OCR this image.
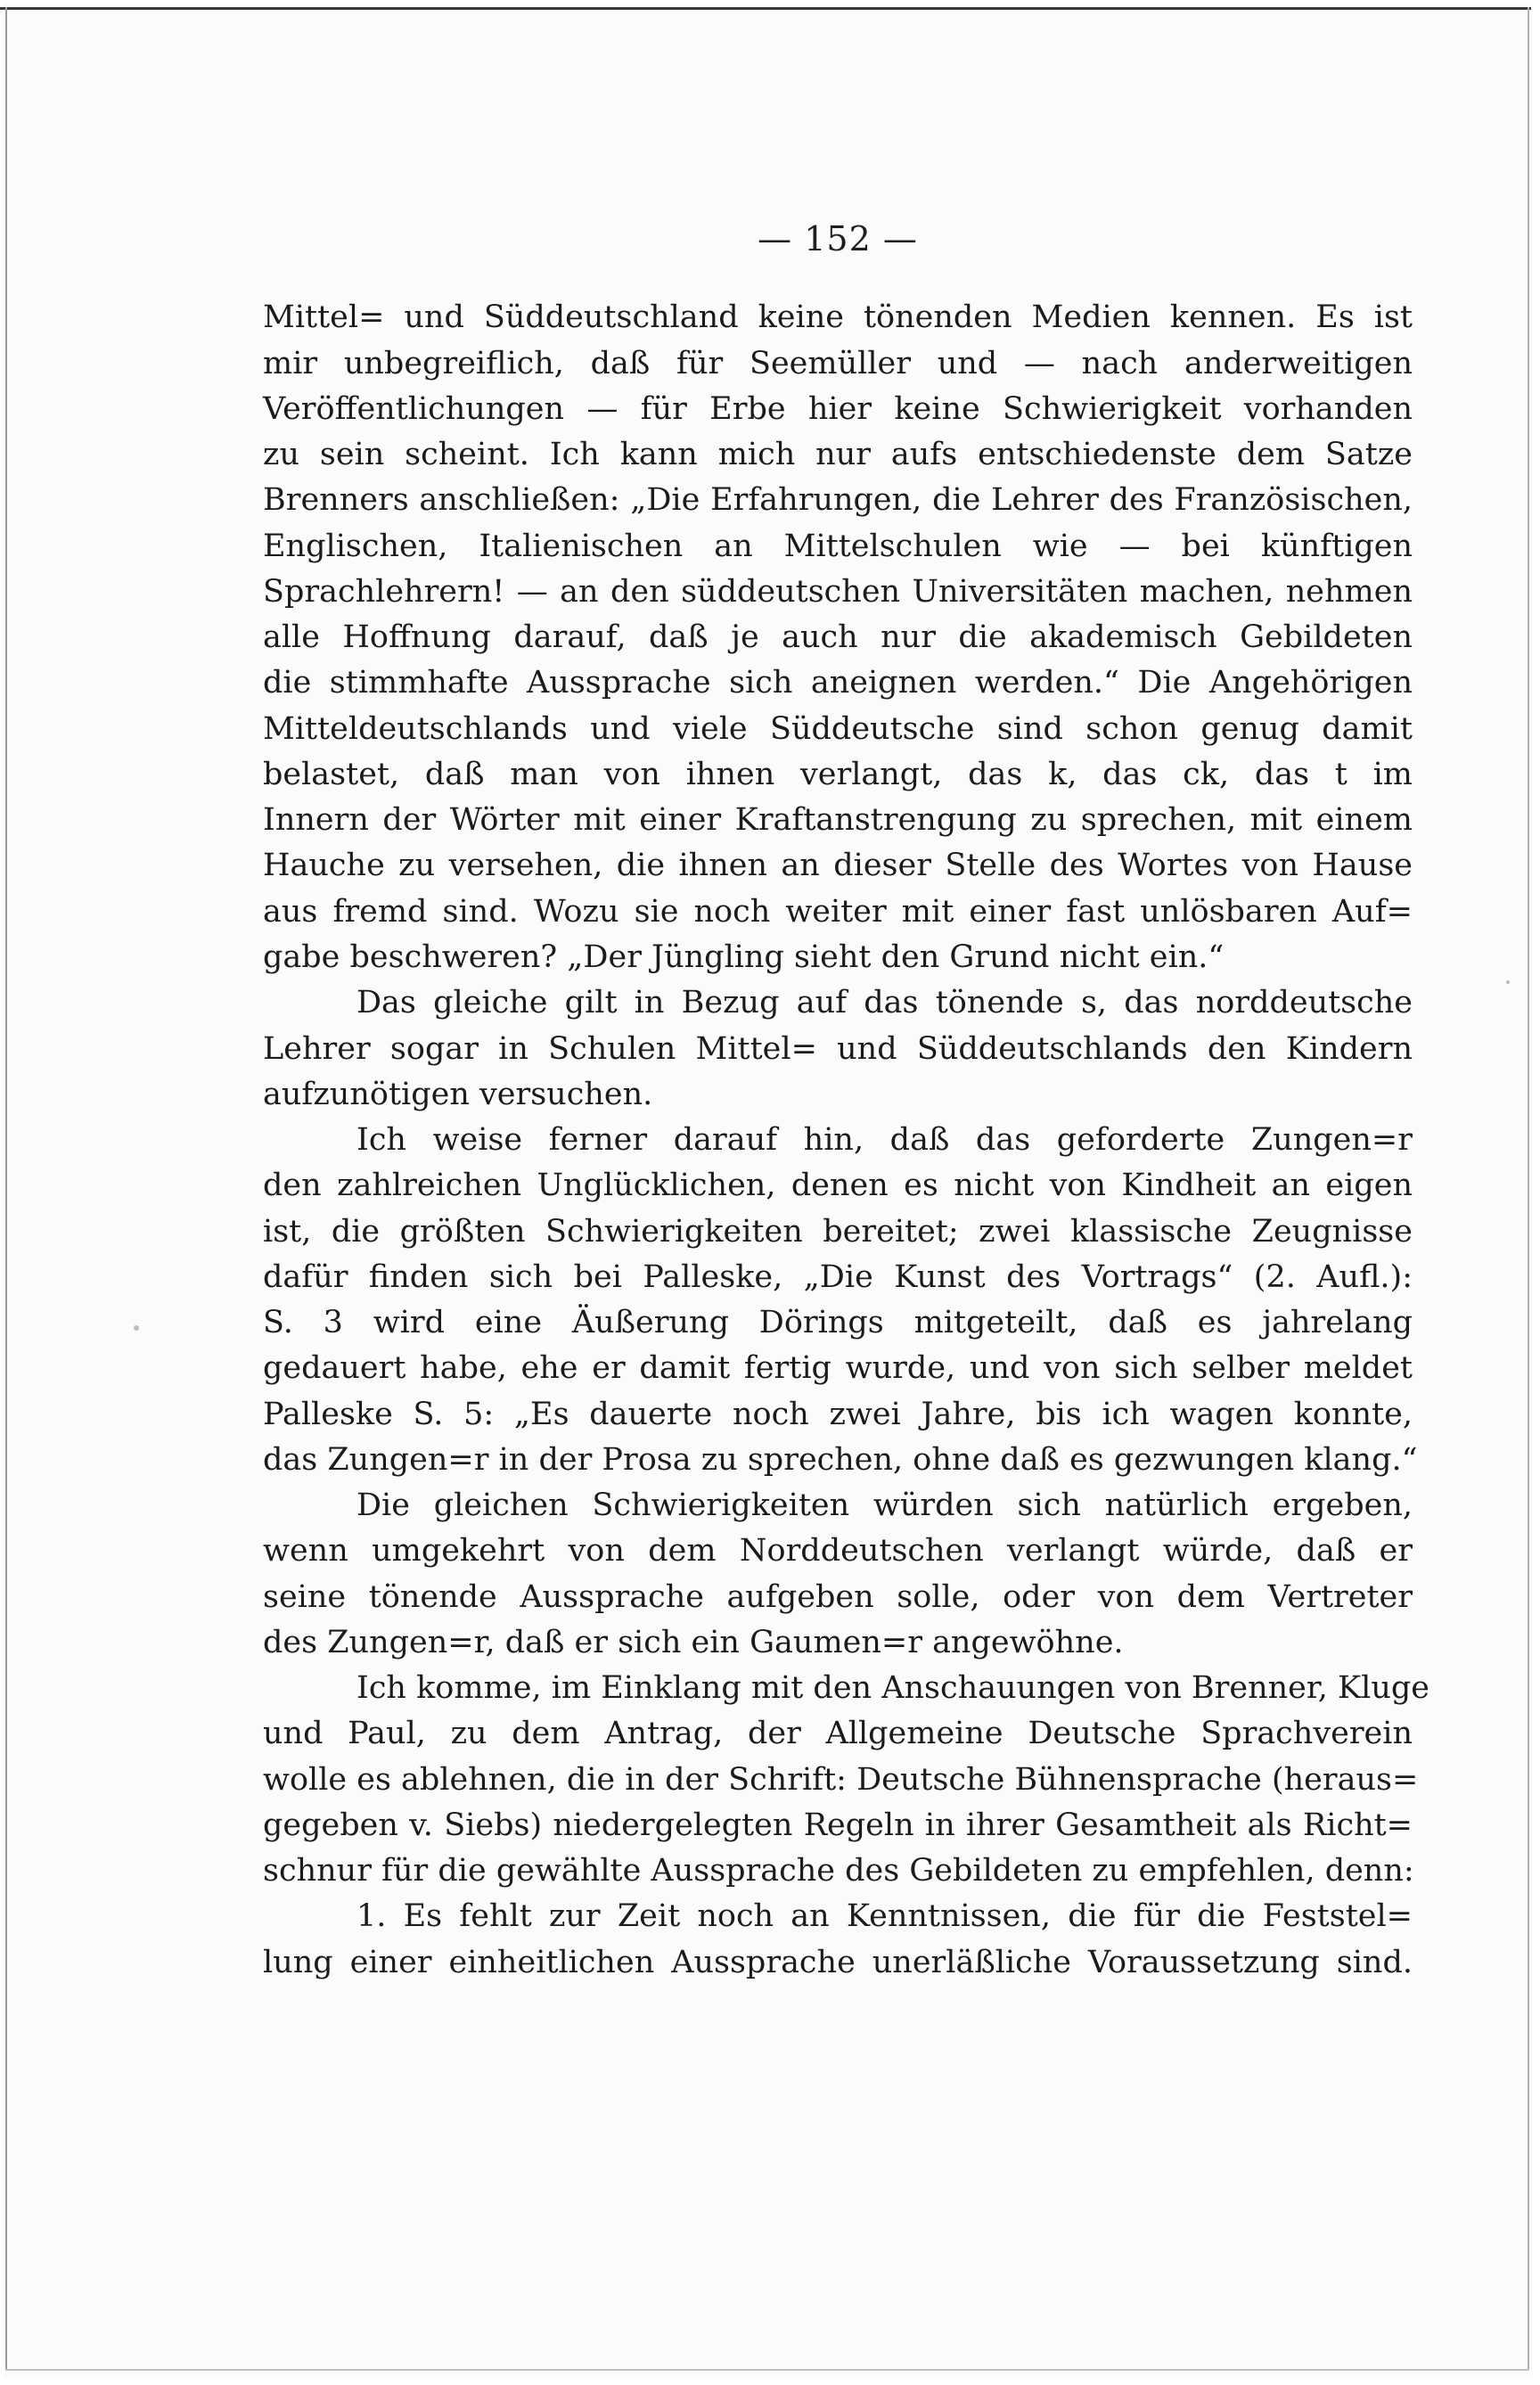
— 152 —
Mittel= und Süddeutschland keine tönenden Medien kennen. Es ist
mir unbegreiflich, daß für Seemüller und — nach anderweitigen
Veröffentlichungen — für Erbe hier keine Schwierigkeit vorhanden
zu sein scheint. Ich kann mich nur aufs entschiedenste dem Satze
Brenners anschließen: „Die Erfahrungen, die Lehrer des Französischen,
Englischen, Italienischen an Mittelschulen wie — bei künftigen
Sprachlehrern! — an den süddeutschen Universitäten machen, nehmen
alle Hoffnung darauf, daß je auch nur die akademisch Gebildeten
die stimmhafte Aussprache sich aneignen werden.“ Die Angehörigen
Mitteldeutschlands und viele Süddeutsche sind schon genug damit
belastet, daß man von ihnen verlangt, das k, das ck, das t im
Innern der Wörter mit einer Kraftanstrengung zu sprechen, mit einem
Hauche zu versehen, die ihnen an dieser Stelle des Wortes von Hause
aus fremd sind. Wozu sie noch weiter mit einer fast unlösbaren Auf=
gabe beschweren? „Der Jüngling sieht den Grund nicht ein.“
Das gleiche gilt in Bezug auf das tönende s, das norddeutsche
Lehrer sogar in Schulen Mittel= und Süddeutschlands den Kindern
aufzunötigen versuchen.
Ich weise ferner darauf hin, daß das geforderte Zungen=r
den zahlreichen Unglücklichen, denen es nicht von Kindheit an eigen
ist, die größten Schwierigkeiten bereitet; zwei klassische Zeugnisse
dafür finden sich bei Palleske, „Die Kunst des Vortrags“ (2. Aufl.):
S. 3 wird eine Äußerung Dörings mitgeteilt, daß es jahrelang
gedauert habe, ehe er damit fertig wurde, und von sich selber meldet
Palleske S. 5: „Es dauerte noch zwei Jahre, bis ich wagen konnte,
das Zungen=r in der Prosa zu sprechen, ohne daß es gezwungen klang.“
Die gleichen Schwierigkeiten würden sich natürlich ergeben,
wenn umgekehrt von dem Norddeutschen verlangt würde, daß er
seine tönende Aussprache aufgeben solle, oder von dem Vertreter
des Zungen=r, daß er sich ein Gaumen=r angewöhne.
Ich komme, im Einklang mit den Anschauungen von Brenner, Kluge
und Paul, zu dem Antrag, der Allgemeine Deutsche Sprachverein
wolle es ablehnen, die in der Schrift: Deutsche Bühnensprache (heraus=
gegeben v. Siebs) niedergelegten Regeln in ihrer Gesamtheit als Richt=
schnur für die gewählte Aussprache des Gebildeten zu empfehlen, denn:
1. Es fehlt zur Zeit noch an Kenntnissen, die für die Feststel=
lung einer einheitlichen Aussprache unerläßliche Voraussetzung sind.
